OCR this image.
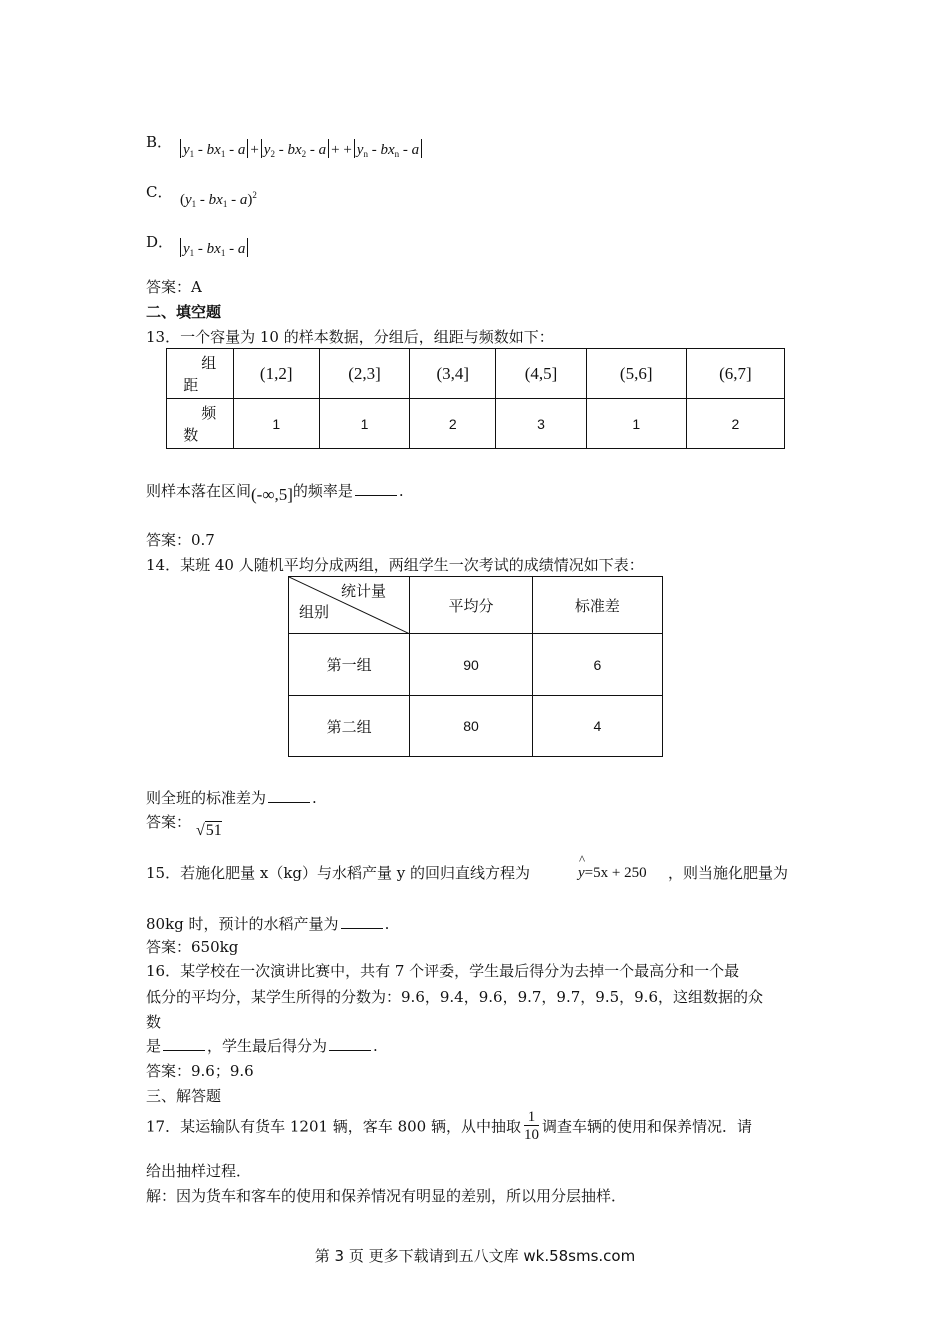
B． $y_1 - bx_1 - a + y_2 - bx_2 - a$ + + $y_n - bx_n$ - a
C． $(y_1 - bx_1 - a)^2$
D． $y_1 - bx_1$ - a
答案：A
二、填空题
13．一个容量为 10 的样本数据，分组后，组距与频数如下：
组
距	(1,2]	(2,3]	(3,4]	(4,5]	(5,6]	(6,7]

频
数	1	1	2	3	1	2
则样本落在区间(-∞,5]的频率是	.
答案：0.7
14．某班 40 人随机平均分成两组，两组学生一次考试的成绩情况如下表：
统计量
组别	平均分	标准差
第一组	90	6
第二组	80	4
则全班的标准差为	.
答案： √51
15．若施化肥量 x（kg）与水稻产量 y 的回归直线方程为
^
y=5x + 250 ，则当施化肥量为
80kg 时，预计的水稻产量为	.
答案：650kg
16．某学校在一次演讲比赛中，共有 7 个评委，学生最后得分为去掉一个最高分和一个最
低分的平均分，某学生所得的分数为：9.6，9.4，9.6，9.7，9.7，9.5，9.6，这组数据的众
数
是	，学生最后得分为	.
答案：9.6；9.6
三、解答题
17．某运输队有货车 1201 辆，客车 800 辆，从中抽取 $\frac{1}{10}$ 调查车辆的使用和保养情况．请
给出抽样过程．
解：因为货车和客车的使用和保养情况有明显的差别，所以用分层抽样．
第 3 页 更多下载请到五八文库 wk.58sms.com
